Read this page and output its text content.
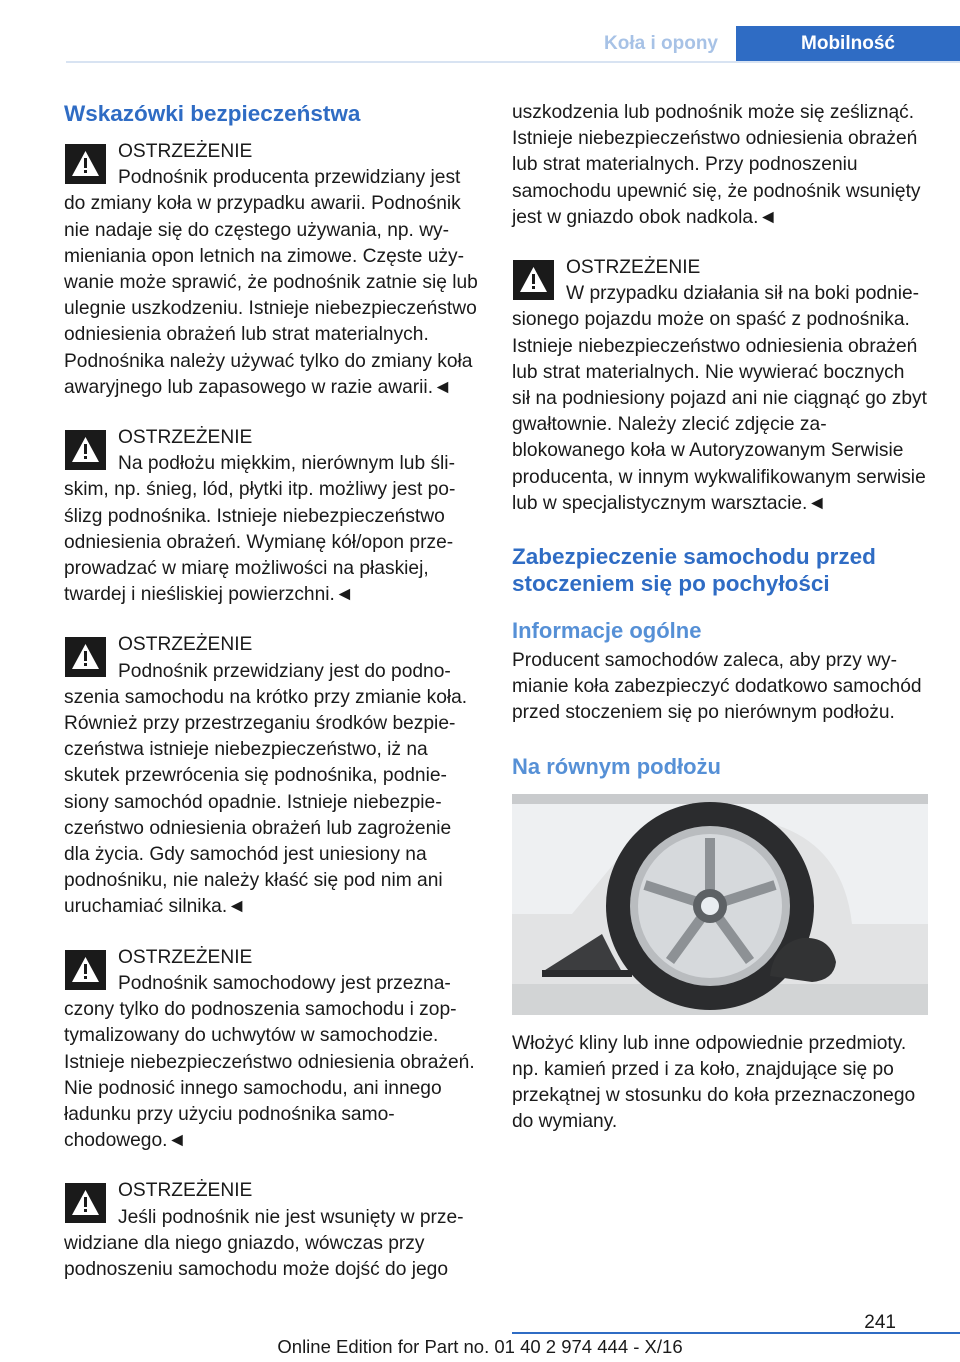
Koła i opony	Mobilność
Wskazówki bezpieczeństwa
OSTRZEŻENIE
Podnośnik producenta przewidziany jest

do zmiany koła w przypadku awarii. Podnośnik nie nadaje się do częstego używania, np. wymieniania opon letnich na zimowe. Częste używanie może sprawić, że podnośnik zatnie się lub ulegnie uszkodzeniu. Istnieje niebezpieczeństwo odniesienia obrażeń lub strat materialnych. Podnośnika należy używać tylko do zmiany koła awaryjnego lub zapasowego w razie awarii.◄

OSTRZEŻENIE
Na podłożu miękkim, nierównym lub śli-

skim, np. śnieg, lód, płytki itp. możliwy jest poślizg podnośnika. Istnieje niebezpieczeństwo odniesienia obrażeń. Wymianę kół/opon przeprowadzać w miarę możliwości na płaskiej, twardej i nieśliskiej powierzchni.◄

OSTRZEŻENIE
Podnośnik przewidziany jest do podno-

szenia samochodu na krótko przy zmianie koła. Również przy przestrzeganiu środków bezpieczeństwa istnieje niebezpieczeństwo, iż na skutek przewrócenia się podnośnika, podniesiony samochód opadnie. Istnieje niebezpieczeństwo odniesienia obrażeń lub zagrożenie dla życia. Gdy samochód jest uniesiony na podnośniku, nie należy kłaść się pod nim ani uruchamiać silnika.◄

OSTRZEŻENIE
Podnośnik samochodowy jest przezna-

czony tylko do podnoszenia samochodu i zoptymalizowany do uchwytów w samochodzie. Istnieje niebezpieczeństwo odniesienia obrażeń. Nie podnosić innego samochodu, ani innego ładunku przy użyciu podnośnika samochodowego.◄

OSTRZEŻENIE
Jeśli podnośnik nie jest wsunięty w prze-

widziane dla niego gniazdo, wówczas przy podnoszeniu samochodu może dojść do jego

uszkodzenia lub podnośnik może się ześliznąć. Istnieje niebezpieczeństwo odniesienia obrażeń lub strat materialnych. Przy podnoszeniu samochodu upewnić się, że podnośnik wsunięty jest w gniazdo obok nadkola.◄

OSTRZEŻENIE
W przypadku działania sił na boki podnie-

sionego pojazdu może on spaść z podnośnika. Istnieje niebezpieczeństwo odniesienia obrażeń lub strat materialnych. Nie wywierać bocznych sił na podniesiony pojazd ani nie ciągnąć go zbyt gwałtownie. Należy zlecić zdjęcie zablokowanego koła w Autoryzowanym Serwisie producenta, w innym wykwalifikowanym serwisie lub w specjalistycznym warsztacie.◄

Zabezpieczenie samochodu przed stoczeniem się po pochyłości
Informacje ogólne

Producent samochodów zaleca, aby przy wymianie koła zabezpieczyć dodatkowo samochód przed stoczeniem się po nierównym podłożu.

Na równym podłożu

Włożyć kliny lub inne odpowiednie przedmioty. np. kamień przed i za koło, znajdujące się po przekątnej w stosunku do koła przeznaczonego do wymiany.

241
Online Edition for Part no. 01 40 2 974 444 - X/16
